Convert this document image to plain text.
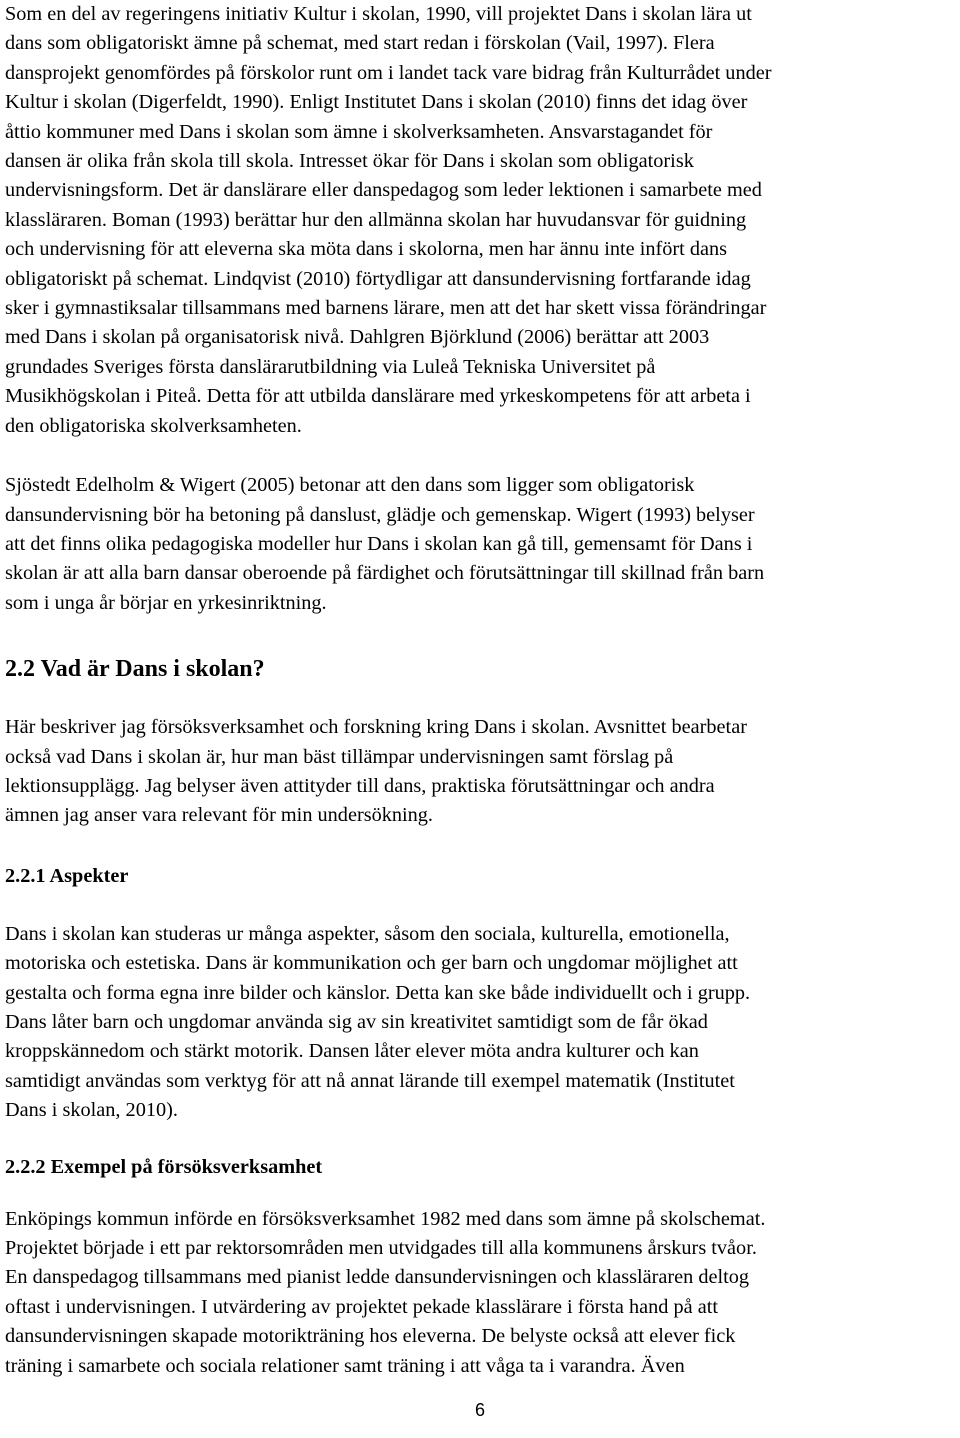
Som en del av regeringens initiativ Kultur i skolan, 1990, vill projektet Dans i skolan lära ut
dans som obligatoriskt ämne på schemat, med start redan i förskolan (Vail, 1997). Flera
dansprojekt genomfördes på förskolor runt om i landet tack vare bidrag från Kulturrådet under
Kultur i skolan (Digerfeldt, 1990). Enligt Institutet Dans i skolan (2010) finns det idag över
åttio kommuner med Dans i skolan som ämne i skolverksamheten. Ansvarstagandet för
dansen är olika från skola till skola. Intresset ökar för Dans i skolan som obligatorisk
undervisningsform. Det är danslärare eller danspedagog som leder lektionen i samarbete med
klassläraren. Boman (1993) berättar hur den allmänna skolan har huvudansvar för guidning
och undervisning för att eleverna ska möta dans i skolorna, men har ännu inte infört dans
obligatoriskt på schemat. Lindqvist (2010) förtydligar att dansundervisning fortfarande idag
sker i gymnastiksalar tillsammans med barnens lärare, men att det har skett vissa förändringar
med Dans i skolan på organisatorisk nivå. Dahlgren Björklund (2006) berättar att 2003
grundades Sveriges första danslärarutbildning via Luleå Tekniska Universitet på
Musikhögskolan i Piteå. Detta för att utbilda danslärare med yrkeskompetens för att arbeta i
den obligatoriska skolverksamheten.

Sjöstedt Edelholm & Wigert (2005) betonar att den dans som ligger som obligatorisk
dansundervisning bör ha betoning på danslust, glädje och gemenskap. Wigert (1993) belyser
att det finns olika pedagogiska modeller hur Dans i skolan kan gå till, gemensamt för Dans i
skolan är att alla barn dansar oberoende på färdighet och förutsättningar till skillnad från barn
som i unga år börjar en yrkesinriktning.

2.2 Vad är Dans i skolan?

Här beskriver jag försöksverksamhet och forskning kring Dans i skolan. Avsnittet bearbetar
också vad Dans i skolan är, hur man bäst tillämpar undervisningen samt förslag på
lektionsupplägg. Jag belyser även attityder till dans, praktiska förutsättningar och andra
ämnen jag anser vara relevant för min undersökning.

2.2.1 Aspekter

Dans i skolan kan studeras ur många aspekter, såsom den sociala, kulturella, emotionella,
motoriska och estetiska. Dans är kommunikation och ger barn och ungdomar möjlighet att
gestalta och forma egna inre bilder och känslor. Detta kan ske både individuellt och i grupp.
Dans låter barn och ungdomar använda sig av sin kreativitet samtidigt som de får ökad
kroppskännedom och stärkt motorik. Dansen låter elever möta andra kulturer och kan
samtidigt användas som verktyg för att nå annat lärande till exempel matematik (Institutet
Dans i skolan, 2010).

2.2.2 Exempel på försöksverksamhet

Enköpings kommun införde en försöksverksamhet 1982 med dans som ämne på skolschemat.
Projektet började i ett par rektorsområden men utvidgades till alla kommunens årskurs tvåor.
En danspedagog tillsammans med pianist ledde dansundervisningen och klassläraren deltog
oftast i undervisningen. I utvärdering av projektet pekade klasslärare i första hand på att
dansundervisningen skapade motorikträning hos eleverna. De belyste också att elever fick
träning i samarbete och sociala relationer samt träning i att våga ta i varandra. Även

6
